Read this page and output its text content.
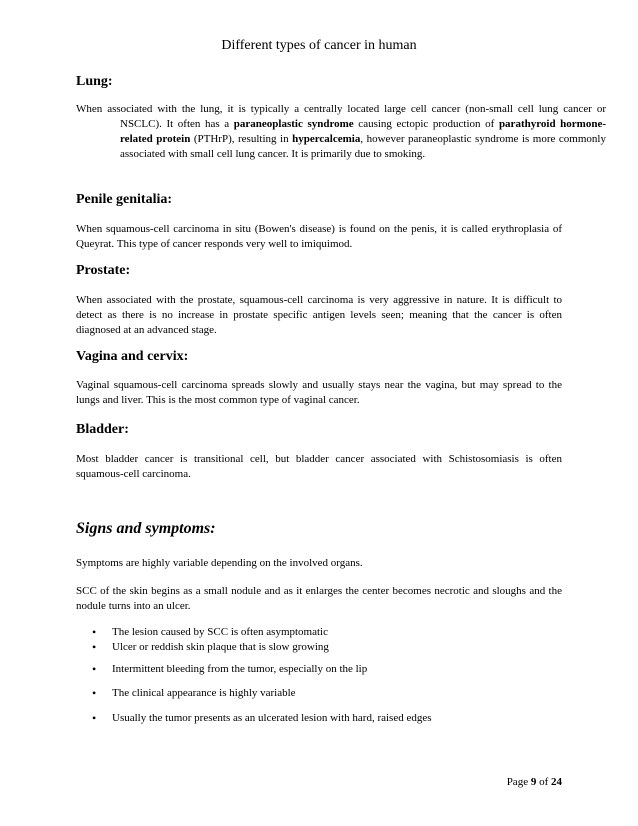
Different types of cancer in human
Lung:
When associated with the lung, it is typically a centrally located large cell cancer (non-small cell lung cancer or NSCLC). It often has a paraneoplastic syndrome causing ectopic production of parathyroid hormone-related protein (PTHrP), resulting in hypercalcemia, however paraneoplastic syndrome is more commonly associated with small cell lung cancer. It is primarily due to smoking.
Penile genitalia:
When squamous-cell carcinoma in situ (Bowen's disease) is found on the penis, it is called erythroplasia of Queyrat. This type of cancer responds very well to imiquimod.
Prostate:
When associated with the prostate, squamous-cell carcinoma is very aggressive in nature. It is difficult to detect as there is no increase in prostate specific antigen levels seen; meaning that the cancer is often diagnosed at an advanced stage.
Vagina and cervix:
Vaginal squamous-cell carcinoma spreads slowly and usually stays near the vagina, but may spread to the lungs and liver. This is the most common type of vaginal cancer.
Bladder:
Most bladder cancer is transitional cell, but bladder cancer associated with Schistosomiasis is often squamous-cell carcinoma.
Signs and symptoms:
Symptoms are highly variable depending on the involved organs.
SCC of the skin begins as a small nodule and as it enlarges the center becomes necrotic and sloughs and the nodule turns into an ulcer.
• The lesion caused by SCC is often asymptomatic
• Ulcer or reddish skin plaque that is slow growing
• Intermittent bleeding from the tumor, especially on the lip
• The clinical appearance is highly variable
• Usually the tumor presents as an ulcerated lesion with hard, raised edges
Page 9 of 24
